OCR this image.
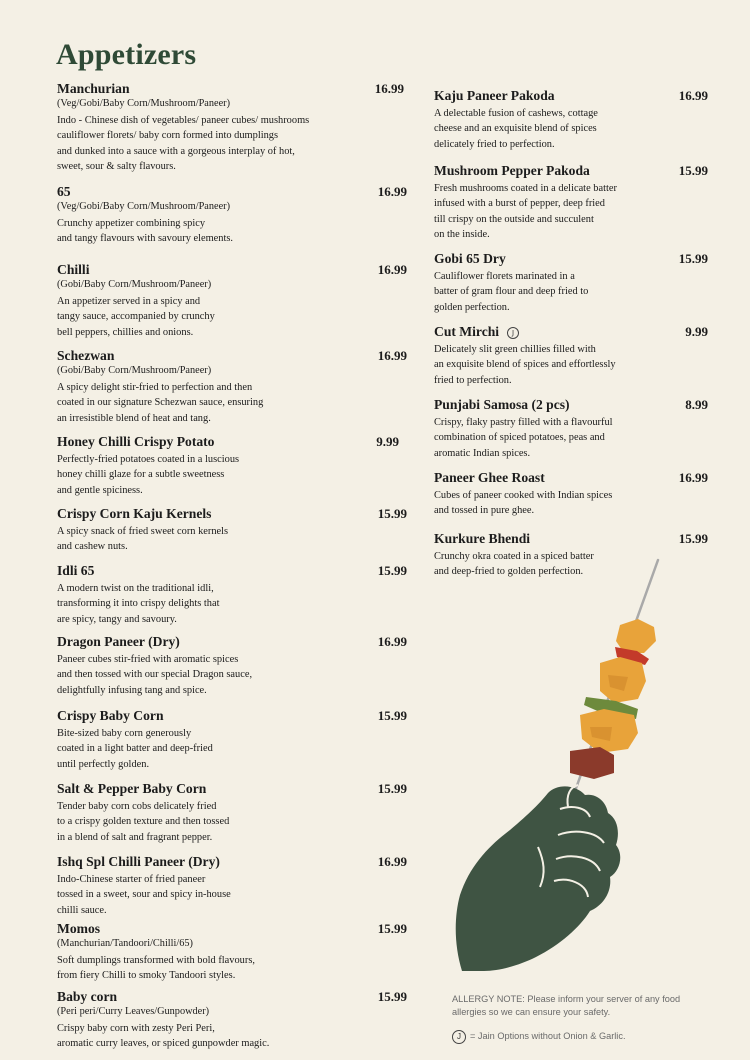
Appetizers
Manchurian	16.99
(Veg/Gobi/Baby Corn/Mushroom/Paneer)
Indo - Chinese dish of vegetables/ paneer cubes/ mushrooms
cauliflower florets/ baby corn formed into dumplings
and dunked into a sauce with a gorgeous interplay of hot,
sweet, sour & salty flavours.
65	16.99
(Veg/Gobi/Baby Corn/Mushroom/Paneer)
Crunchy appetizer combining spicy
and tangy flavours with savoury elements.
Chilli	16.99
(Gobi/Baby Corn/Mushroom/Paneer)
An appetizer served in a spicy and
tangy sauce, accompanied by crunchy
bell peppers, chillies and onions.
Schezwan	16.99
(Gobi/Baby Corn/Mushroom/Paneer)
A spicy delight stir-fried to perfection and then
coated in our signature Schezwan sauce, ensuring
an irresistible blend of heat and tang.
Honey Chilli Crispy Potato	9.99
Perfectly-fried potatoes coated in a luscious
honey chilli glaze for a subtle sweetness
and gentle spiciness.
Crispy Corn Kaju Kernels	15.99
A spicy snack of fried sweet corn kernels
and cashew nuts.
Idli 65	15.99
A modern twist on the traditional idli,
transforming it into crispy delights that
are spicy, tangy and savoury.
Dragon Paneer (Dry)	16.99
Paneer cubes stir-fried with aromatic spices
and then tossed with our special Dragon sauce,
delightfully infusing tang and spice.
Crispy Baby Corn	15.99
Bite-sized baby corn generously
coated in a light batter and deep-fried
until perfectly golden.
Salt & Pepper Baby Corn	15.99
Tender baby corn cobs delicately fried
to a crispy golden texture and then tossed
in a blend of salt and fragrant pepper.
Ishq Spl Chilli Paneer (Dry)	16.99
Indo-Chinese starter of fried paneer
tossed in a sweet, sour and spicy in-house
chilli sauce.
Momos	15.99
(Manchurian/Tandoori/Chilli/65)
Soft dumplings transformed with bold flavours,
from fiery Chilli to smoky Tandoori styles.
Baby corn	15.99
(Peri peri/Curry Leaves/Gunpowder)
Crispy baby corn with zesty Peri Peri,
aromatic curry leaves, or spiced gunpowder magic.
Kaju Paneer Pakoda	16.99
A delectable fusion of cashews, cottage
cheese and an exquisite blend of spices
delicately fried to perfection.
Mushroom Pepper Pakoda	15.99
Fresh mushrooms coated in a delicate batter
infused with a burst of pepper, deep fried
till crispy on the outside and succulent
on the inside.
Gobi 65 Dry	15.99
Cauliflower florets marinated in a
batter of gram flour and deep fried to
golden perfection.
Cut Mirchi J	9.99
Delicately slit green chillies filled with
an exquisite blend of spices and effortlessly
fried to perfection.
Punjabi Samosa (2 pcs)	8.99
Crispy, flaky pastry filled with a flavourful
combination of spiced potatoes, peas and
aromatic Indian spices.
Paneer Ghee Roast	16.99
Cubes of paneer cooked with Indian spices
and tossed in pure ghee.
Kurkure Bhendi	15.99
Crunchy okra coated in a spiced batter
and deep-fried to golden perfection.
ALLERGY NOTE: Please inform your server of any food allergies so we can ensure your safety.
J = Jain Options without Onion & Garlic.
